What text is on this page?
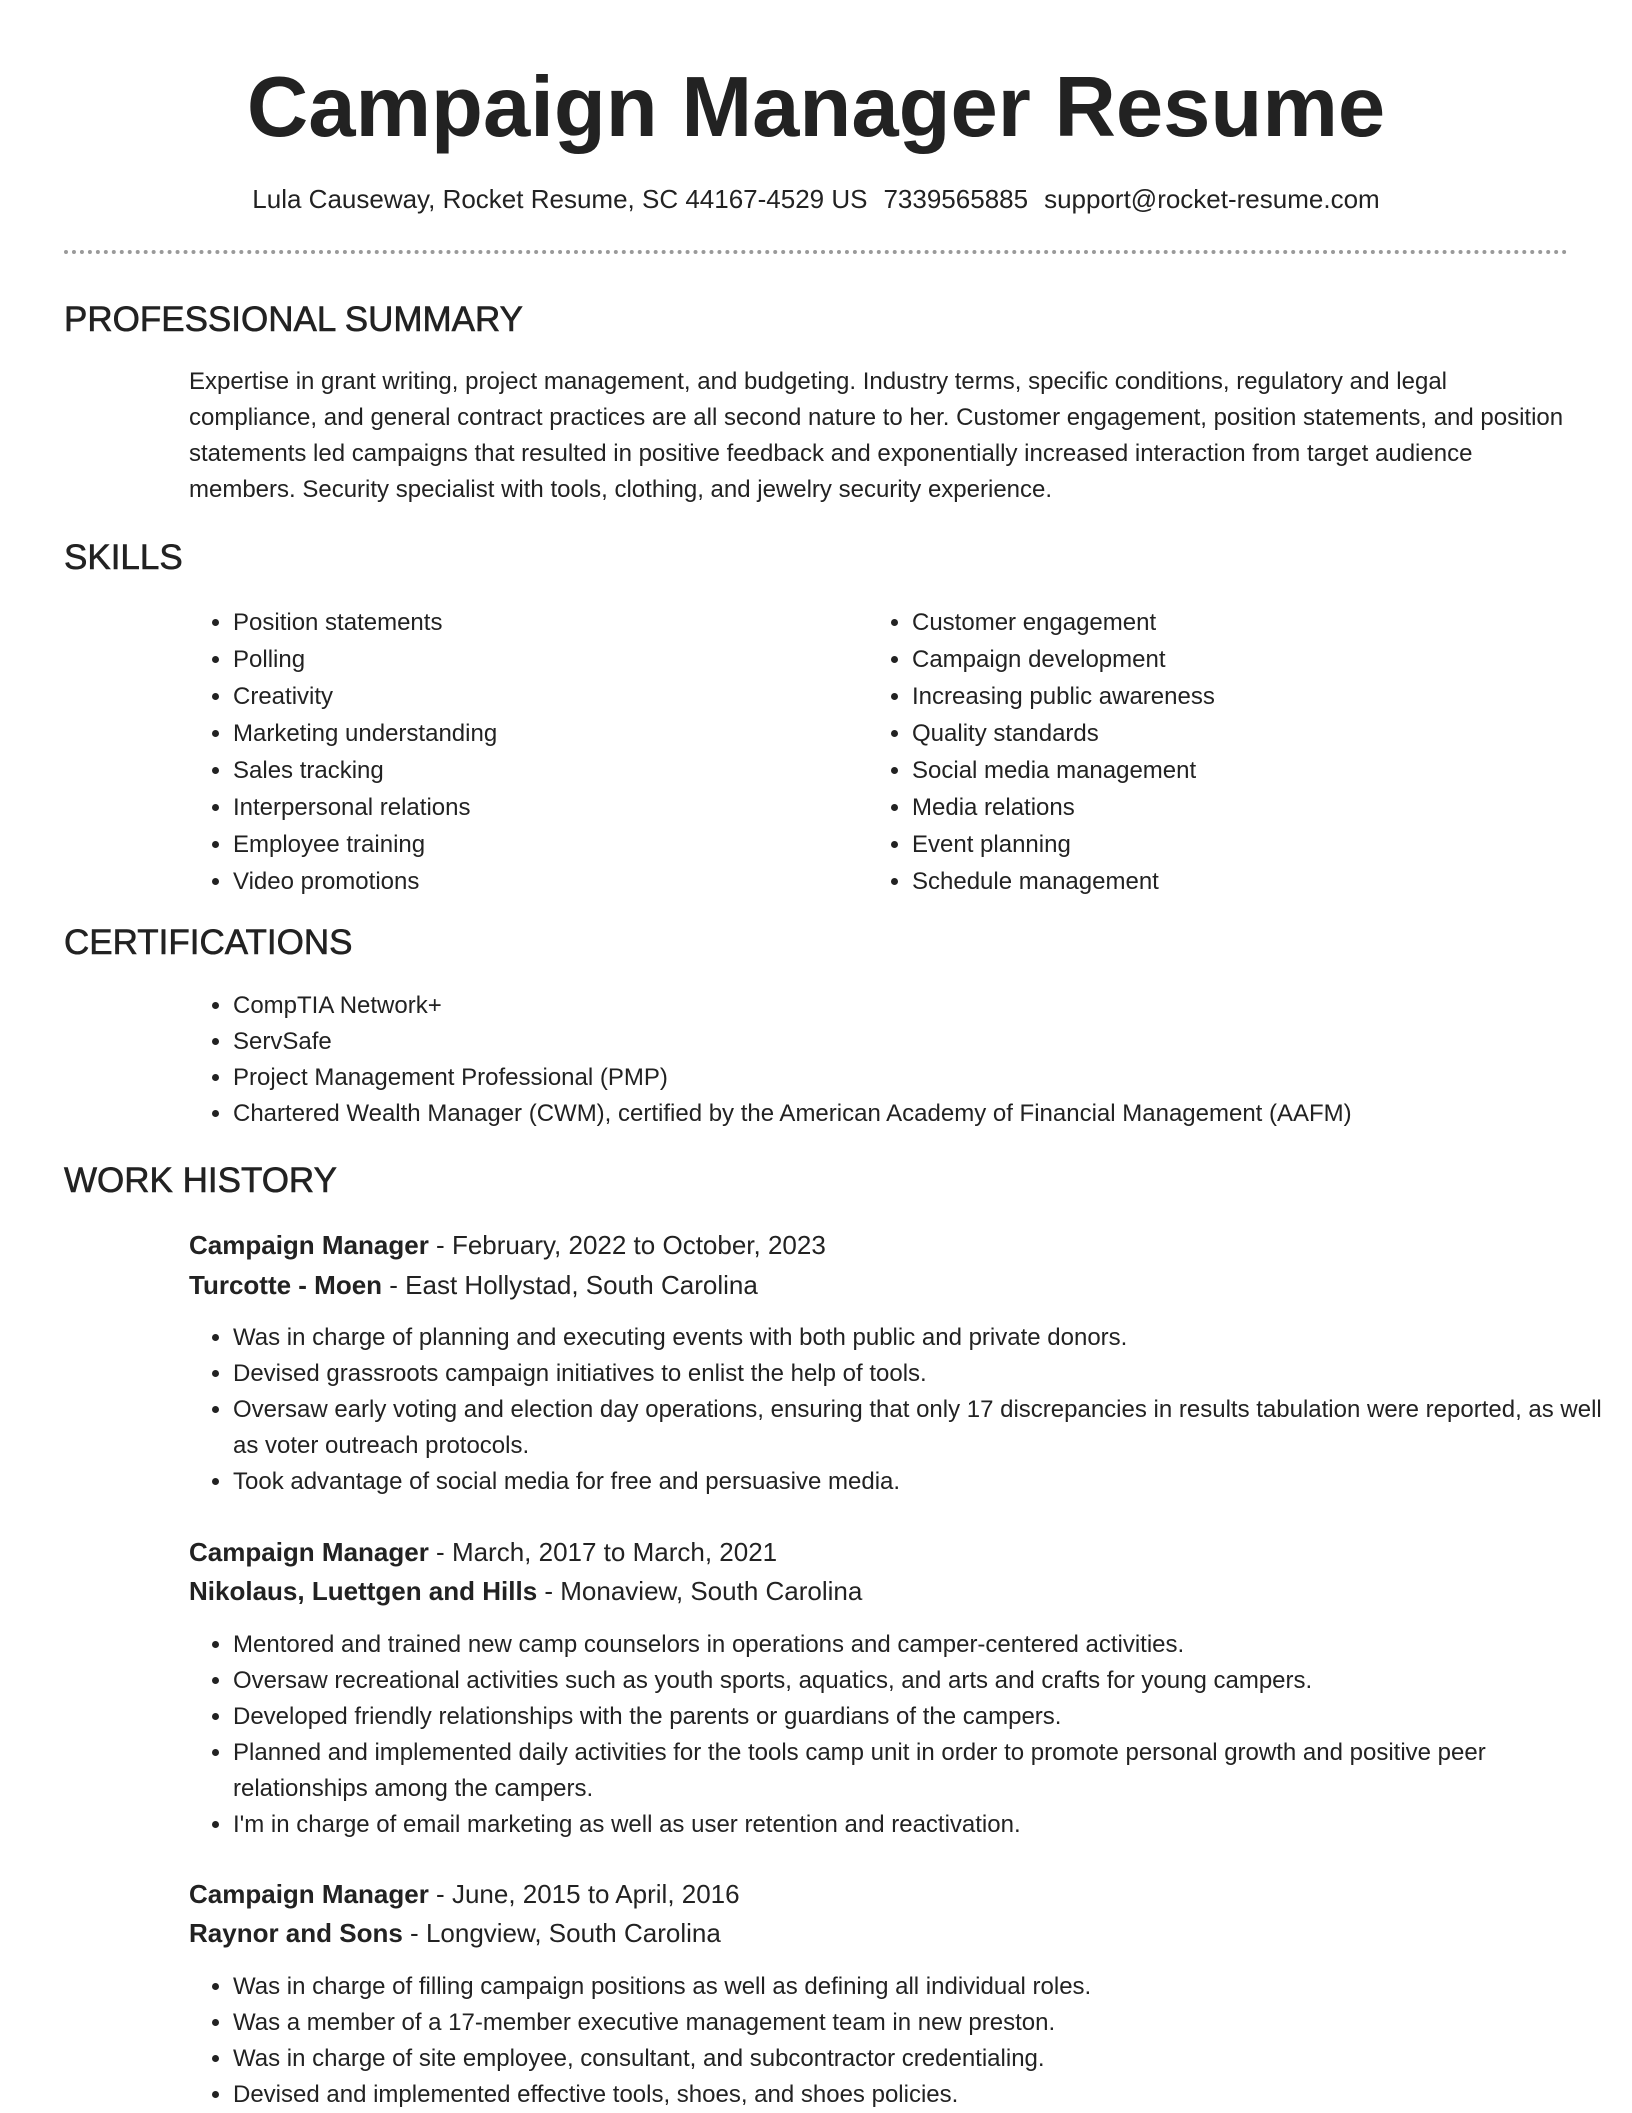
Campaign Manager Resume
Lula Causeway, Rocket Resume, SC 44167-4529 US 7339565885 support@rocket-resume.com
PROFESSIONAL SUMMARY

Expertise in grant writing, project management, and budgeting. Industry terms, specific conditions, regulatory and legal compliance, and general contract practices are all second nature to her. Customer engagement, position statements, and position statements led campaigns that resulted in positive feedback and exponentially increased interaction from target audience members. Security specialist with tools, clothing, and jewelry security experience.

SKILLS
• Position statements
• Polling
• Creativity
• Marketing understanding
• Sales tracking
• Interpersonal relations
• Employee training
• Video promotions
• Customer engagement
• Campaign development
• Increasing public awareness
• Quality standards
• Social media management
• Media relations
• Event planning
• Schedule management
CERTIFICATIONS
• CompTIA Network+
• ServSafe
• Project Management Professional (PMP)
• Chartered Wealth Manager (CWM), certified by the American Academy of Financial Management (AAFM)
WORK HISTORY
Campaign Manager - February, 2022 to October, 2023
Turcotte - Moen - East Hollystad, South Carolina
• Was in charge of planning and executing events with both public and private donors.
• Devised grassroots campaign initiatives to enlist the help of tools.
• Oversaw early voting and election day operations, ensuring that only 17 discrepancies in results tabulation were reported, as well as voter outreach protocols.
• Took advantage of social media for free and persuasive media.
Campaign Manager - March, 2017 to March, 2021
Nikolaus, Luettgen and Hills - Monaview, South Carolina
• Mentored and trained new camp counselors in operations and camper-centered activities.
• Oversaw recreational activities such as youth sports, aquatics, and arts and crafts for young campers.
• Developed friendly relationships with the parents or guardians of the campers.
• Planned and implemented daily activities for the tools camp unit in order to promote personal growth and positive peer relationships among the campers.
• I'm in charge of email marketing as well as user retention and reactivation.
Campaign Manager - June, 2015 to April, 2016
Raynor and Sons - Longview, South Carolina
• Was in charge of filling campaign positions as well as defining all individual roles.
• Was a member of a 17-member executive management team in new preston.
• Was in charge of site employee, consultant, and subcontractor credentialing.
• Devised and implemented effective tools, shoes, and shoes policies.
